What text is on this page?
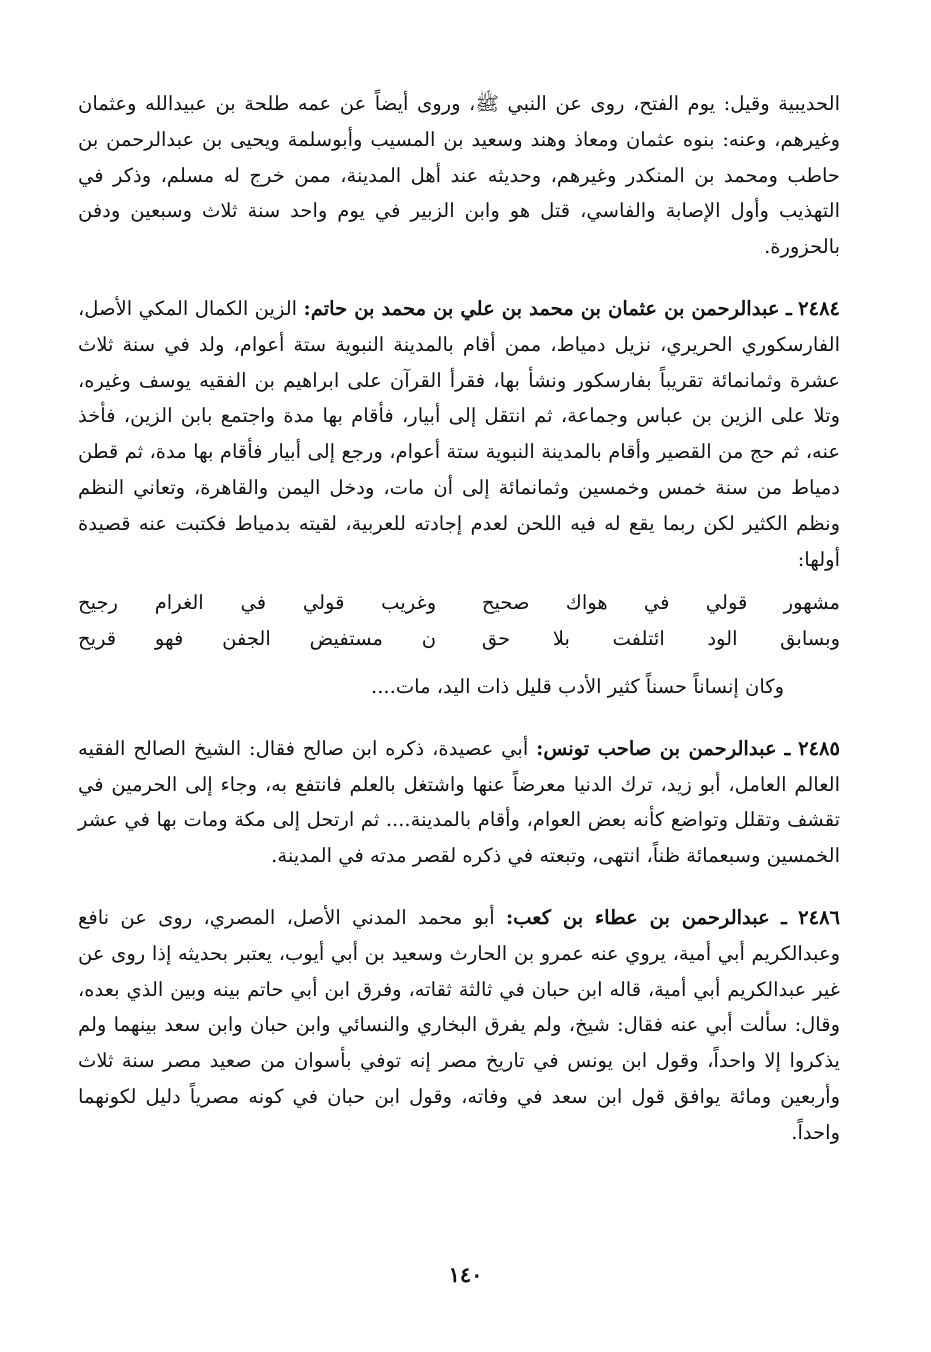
الحديبية وقيل: يوم الفتح، روى عن النبي ﷺ، وروى أيضاً عن عمه طلحة بن عبيدالله وعثمان وغيرهم، وعنه: بنوه عثمان ومعاذ وهند وسعيد بن المسيب وأبوسلمة ويحيى بن عبدالرحمن بن حاطب ومحمد بن المنكدر وغيرهم، وحديثه عند أهل المدينة، ممن خرج له مسلم، وذكر في التهذيب وأول الإصابة والفاسي، قتل هو وابن الزبير في يوم واحد سنة ثلاث وسبعين ودفن بالحزورة.

٢٤٨٤ ـ عبدالرحمن بن عثمان بن محمد بن علي بن محمد بن حاتم: الزين الكمال المكي الأصل، الفارسكوري الحريري، نزيل دمياط، ممن أقام بالمدينة النبوية ستة أعوام، ولد في سنة ثلاث عشرة وثمانمائة تقريباً بفارسكور ونشأ بها، فقرأ القرآن على ابراهيم بن الفقيه يوسف وغيره، وتلا على الزين بن عباس وجماعة، ثم انتقل إلى أبيار، فأقام بها مدة واجتمع بابن الزين، فأخذ عنه، ثم حج من القصير وأقام بالمدينة النبوية ستة أعوام، ورجع إلى أبيار فأقام بها مدة، ثم قطن دمياط من سنة خمس وخمسين وثمانمائة إلى أن مات، ودخل اليمن والقاهرة، وتعاني النظم ونظم الكثير لكن ربما يقع له فيه اللحن لعدم إجادته للعربية، لقيته بدمياط فكتبت عنه قصيدة أولها:

مشهور قولي في هواك صحيح
وغريب قولي في الغرام رجيح
وبسابق الود ائتلفت بلا حق
ن مستفيض الجفن فهو قريح

وكان إنساناً حسناً كثير الأدب قليل ذات اليد، مات....

٢٤٨٥ ـ عبدالرحمن بن صاحب تونس: أبي عصيدة، ذكره ابن صالح فقال: الشيخ الصالح الفقيه العالم العامل، أبو زيد، ترك الدنيا معرضاً عنها واشتغل بالعلم فانتفع به، وجاء إلى الحرمين في تقشف وتقلل وتواضع كأنه بعض العوام، وأقام بالمدينة.... ثم ارتحل إلى مكة ومات بها في عشر الخمسين وسبعمائة ظناً، انتهى، وتبعته في ذكره لقصر مدته في المدينة.

٢٤٨٦ ـ عبدالرحمن بن عطاء بن كعب: أبو محمد المدني الأصل، المصري، روى عن نافع وعبدالكريم أبي أمية، يروي عنه عمرو بن الحارث وسعيد بن أبي أيوب، يعتبر بحديثه إذا روى عن غير عبدالكريم أبي أمية، قاله ابن حبان في ثالثة ثقاته، وفرق ابن أبي حاتم بينه وبين الذي بعده، وقال: سألت أبي عنه فقال: شيخ، ولم يفرق البخاري والنسائي وابن حبان وابن سعد بينهما ولم يذكروا إلا واحداً، وقول ابن يونس في تاريخ مصر إنه توفي بأسوان من صعيد مصر سنة ثلاث وأربعين ومائة يوافق قول ابن سعد في وفاته، وقول ابن حبان في كونه مصرياً دليل لكونهما واحداً.

١٤٠
